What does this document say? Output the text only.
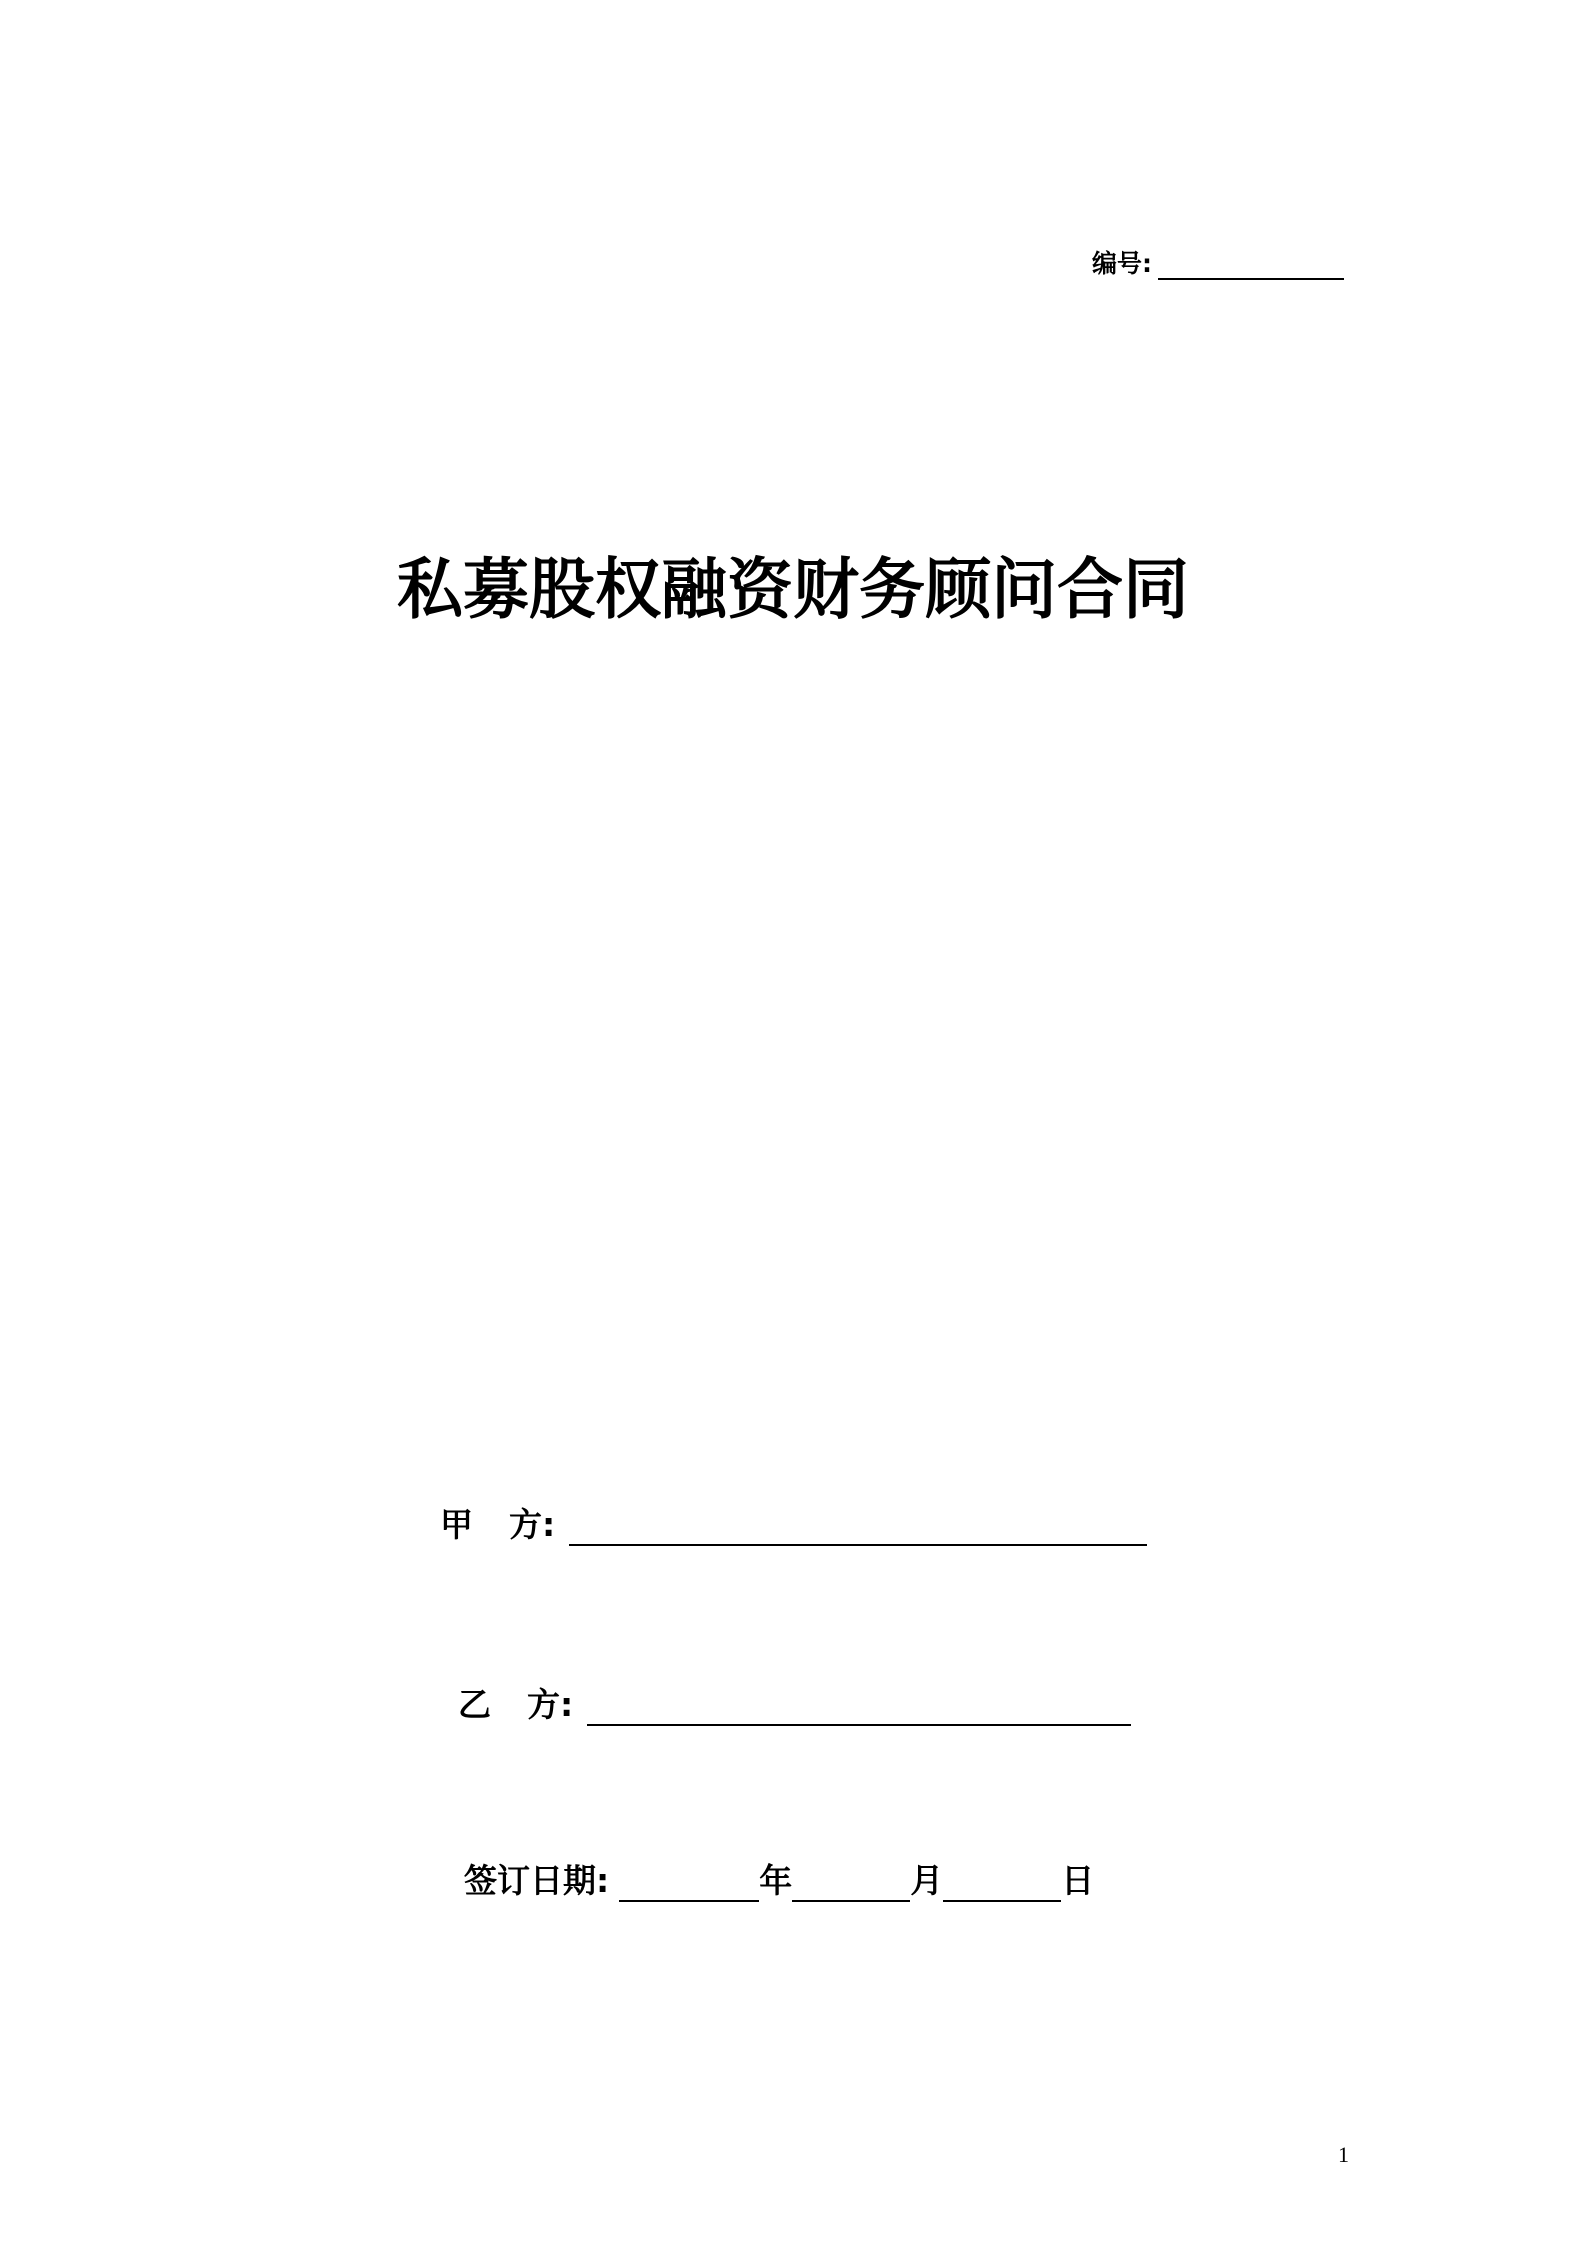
编号:
私募股权融资财务顾问合同
甲 方:
乙 方:
签订日期:	年	月	日
1
